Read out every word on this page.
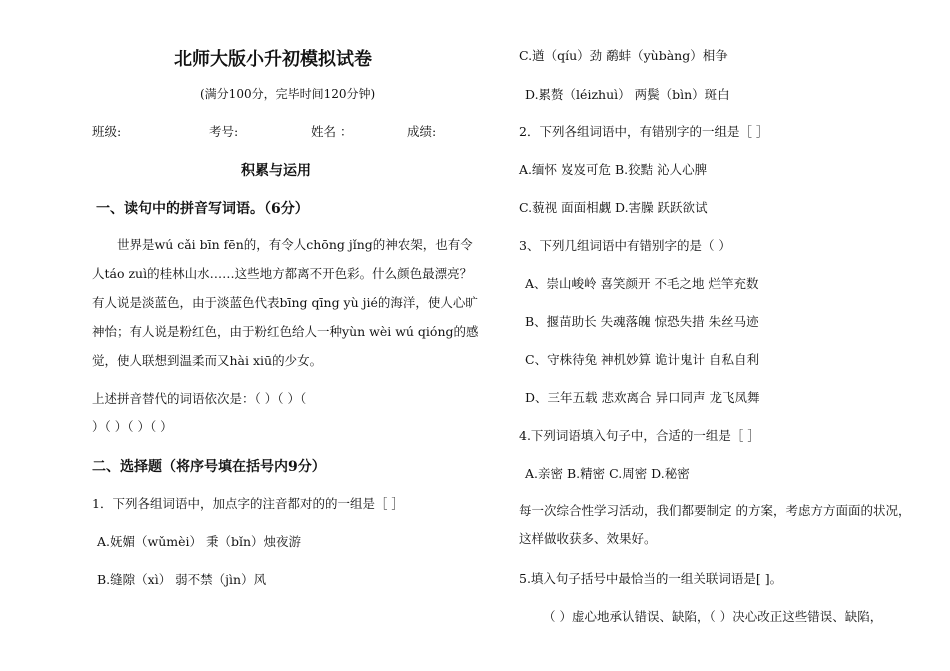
北师大版小升初模拟试卷
(满分100分，完毕时间120分钟)
班级:	考号:	姓名 ：	成绩:
积累与运用
一、读句中的拼音写词语。（6分）
世界是wú cǎi bīn fēn的，有令人chōng jǐng的神农架，也有令人táo zuì的桂林山水……这些地方都离不开色彩。什么颜色最漂亮？有人说是淡蓝色，由于淡蓝色代表bīng qīng yù jié的海洋，使人心旷神怡；有人说是粉红色，由于粉红色给人一种yùn wèi wú qióng的感觉，使人联想到温柔而又hài xiū的少女。
上述拼音替代的词语依次是：（ ）（ ）（
）（ ）（ ）（ ）
二、选择题（将序号填在括号内9分）
1．下列各组词语中，加点字的注音都对的的一组是［ ］
A.妩媚（wǔmèi） 秉（bǐn）烛夜游
B.缝隙（xì） 弱不禁（jìn）风
C.遒（qíu）劲 鹬蚌（yùbàng）相争
D.累赘（léizhuì） 两鬓（bìn）斑白
2．下列各组词语中，有错别字的一组是［ ］
A.缅怀 岌岌可危 B.狡黠 沁人心脾
C.藐视 面面相觑 D.害臊 跃跃欲试
3、下列几组词语中有错别字的是（ ）
A、崇山峻岭 喜笑颜开 不毛之地 烂竿充数
B、揠苗助长 失魂落魄 惊恐失措 朱丝马迹
C、守株待兔 神机妙算 诡计鬼计 自私自利
D、三年五载 悲欢离合 异口同声 龙飞凤舞
4.下列词语填入句子中，合适的一组是［ ］
A.亲密 B.精密 C.周密 D.秘密
每一次综合性学习活动，我们都要制定 的方案，考虑方方面面的状况，这样做收获多、效果好。
5.填入句子括号中最恰当的一组关联词语是[ ]。
（ ）虚心地承认错误、缺陷，（ ）决心改正这些错误、缺陷，
